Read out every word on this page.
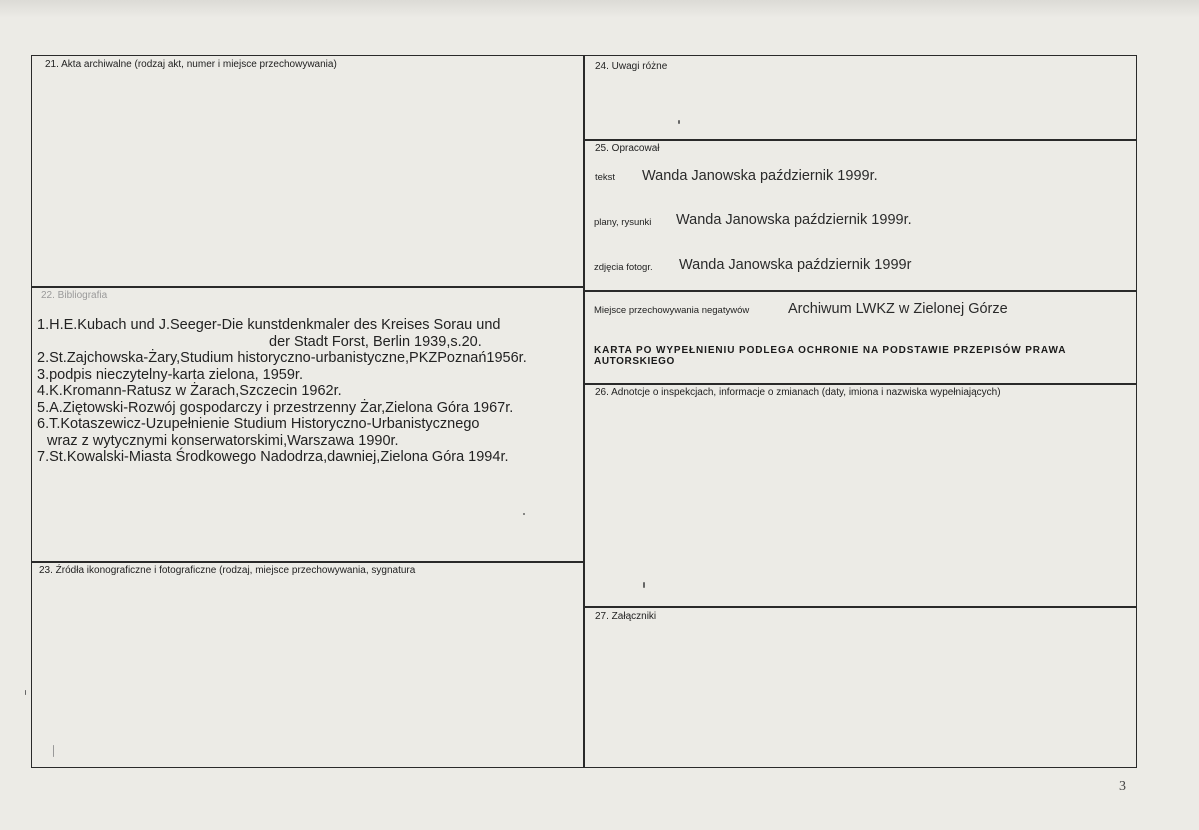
21. Akta archiwalne (rodzaj akt, numer i miejsce przechowywania)
22. Bibliografia
23. Źródła ikonograficzne i fotograficzne (rodzaj, miejsce przechowywania, sygnatura
24. Uwagi różne
25. Opracował
26. Adnotcje o inspekcjach, informacje o zmianach (daty, imiona i nazwiska wypełniających)
27. Załączniki
1.H.E.Kubach und J.Seeger-Die kunstdenkmaler des Kreises Sorau und
der Stadt Forst, Berlin 1939,s.20.
2.St.Zajchowska-Żary,Studium historyczno-urbanistyczne,PKZPoznań1956r.
3.podpis nieczytelny-karta zielona, 1959r.
4.K.Kromann-Ratusz w Żarach,Szczecin 1962r.
5.A.Ziętowski-Rozwój gospodarczy i przestrzenny Żar,Zielona Góra 1967r.
6.T.Kotaszewicz-Uzupełnienie Studium Historyczno-Urbanistycznego
wraz z wytycznymi konserwatorskimi,Warszawa 1990r.
7.St.Kowalski-Miasta Środkowego Nadodrza,dawniej,Zielona Góra 1994r.
tekst Wanda Janowska październik 1999r.
plany, rysunki Wanda Janowska październik 1999r.
zdjęcia fotogr. Wanda Janowska październik 1999r
Miejsce przechowywania negatywów	Archiwum LWKZ w Zielonej Górze
KARTA PO WYPEŁNIENIU PODLEGA OCHRONIE NA PODSTAWIE PRZEPISÓW PRAWA
AUTORSKIEGO
3
